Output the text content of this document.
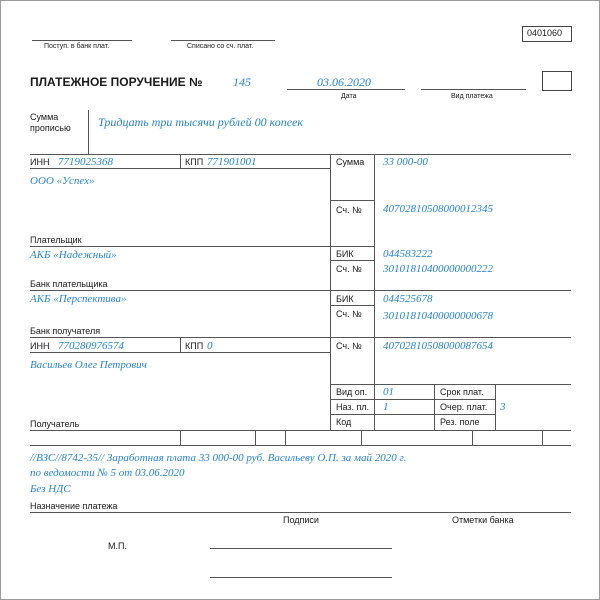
0401060
Поступ. в банк плат.	Списано со сч. плат.
ПЛАТЕЖНОЕ ПОРУЧЕНИЕ №	145	03.06.2020
Дата	Вид платежа
Сумма
прописью Тридцать три тысячи рублей 00 копеек
ИНН 7719025368	КПП 771901001	Сумма 33 000-00
ООО «Успех»
Сч. № 40702810508000012345
Плательщик
АКБ «Надежный»	БИК	044583222
Сч. № 30101810400000000222
Банк плательщика
АКБ «Перспектива»	БИК	044525678
Сч. № 30101810400000000678
Банк получателя
ИНН 770280976574	КПП 0	Сч. № 40702810508000087654
Васильев Олег Петрович
Вид оп. 01	Срок плат.
Наз. пл. 1	Очер. плат. 3
Код	Рез. поле
Получатель
//ВЗС//8742-35// Заработная плата 33 000-00 руб. Васильеву О.П. за май 2020 г.
по ведомости № 5 от 03.06.2020
Без НДС
Назначение платежа
Подписи	Отметки банка
М.П.
